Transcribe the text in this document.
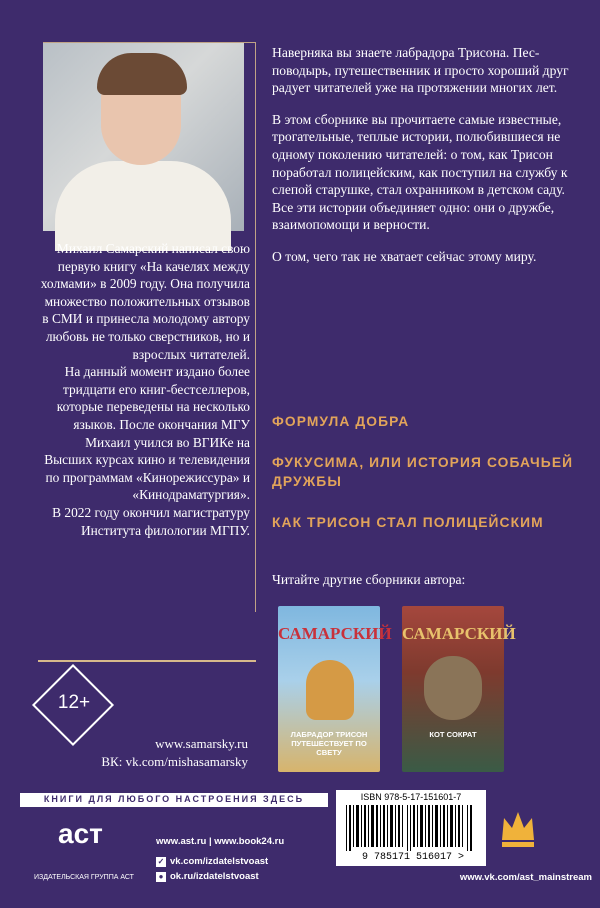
Михаил Самарский написал свою первую книгу «На качелях между холмами» в 2009 году. Она получила множество положительных отзывов в СМИ и принесла молодому автору любовь не только сверстников, но и взрослых читателей.

На данный момент издано более тридцати его книг-бестселлеров, которые переведены на несколько языков. После окончания МГУ Михаил учился во ВГИКе на Высших курсах кино и телевидения по программам «Кинорежиссура» и «Кинодраматургия».

В 2022 году окончил магистратуру Института филологии МГПУ.

Наверняка вы знаете лабрадора Трисона. Пес-поводырь, путешественник и просто хороший друг радует читателей уже на протяжении многих лет.

В этом сборнике вы прочитаете самые известные, трогательные, теплые истории, полюбившиеся не одному поколению читателей: о том, как Трисон поработал полицейским, как поступил на службу к слепой старушке, стал охранником в детском саду. Все эти истории объединяет одно: они о дружбе, взаимопомощи и верности.

О том, чего так не хватает сейчас этому миру.

ФОРМУЛА ДОБРА
ФУКУСИМА, ИЛИ ИСТОРИЯ СОБАЧЬЕЙ ДРУЖБЫ
КАК ТРИСОН СТАЛ ПОЛИЦЕЙСКИМ
Читайте другие сборники автора:
САМАРСКИЙ
ЛАБРАДОР ТРИСОН ПУТЕШЕСТВУЕТ ПО СВЕТУ
САМАРСКИЙ
КОТ СОКРАТ
12+
www.samarsky.ru
ВК: vk.com/mishasamarsky
КНИГИ ДЛЯ ЛЮБОГО НАСТРОЕНИЯ ЗДЕСЬ
аст
ИЗДАТЕЛЬСКАЯ ГРУППА АСТ
www.ast.ru | www.book24.ru
✓ vk.com/izdatelstvoast
● ok.ru/izdatelstvoast
ISBN 978-5-17-151601-7
9 785171 516017 >
www.vk.com/ast_mainstream
